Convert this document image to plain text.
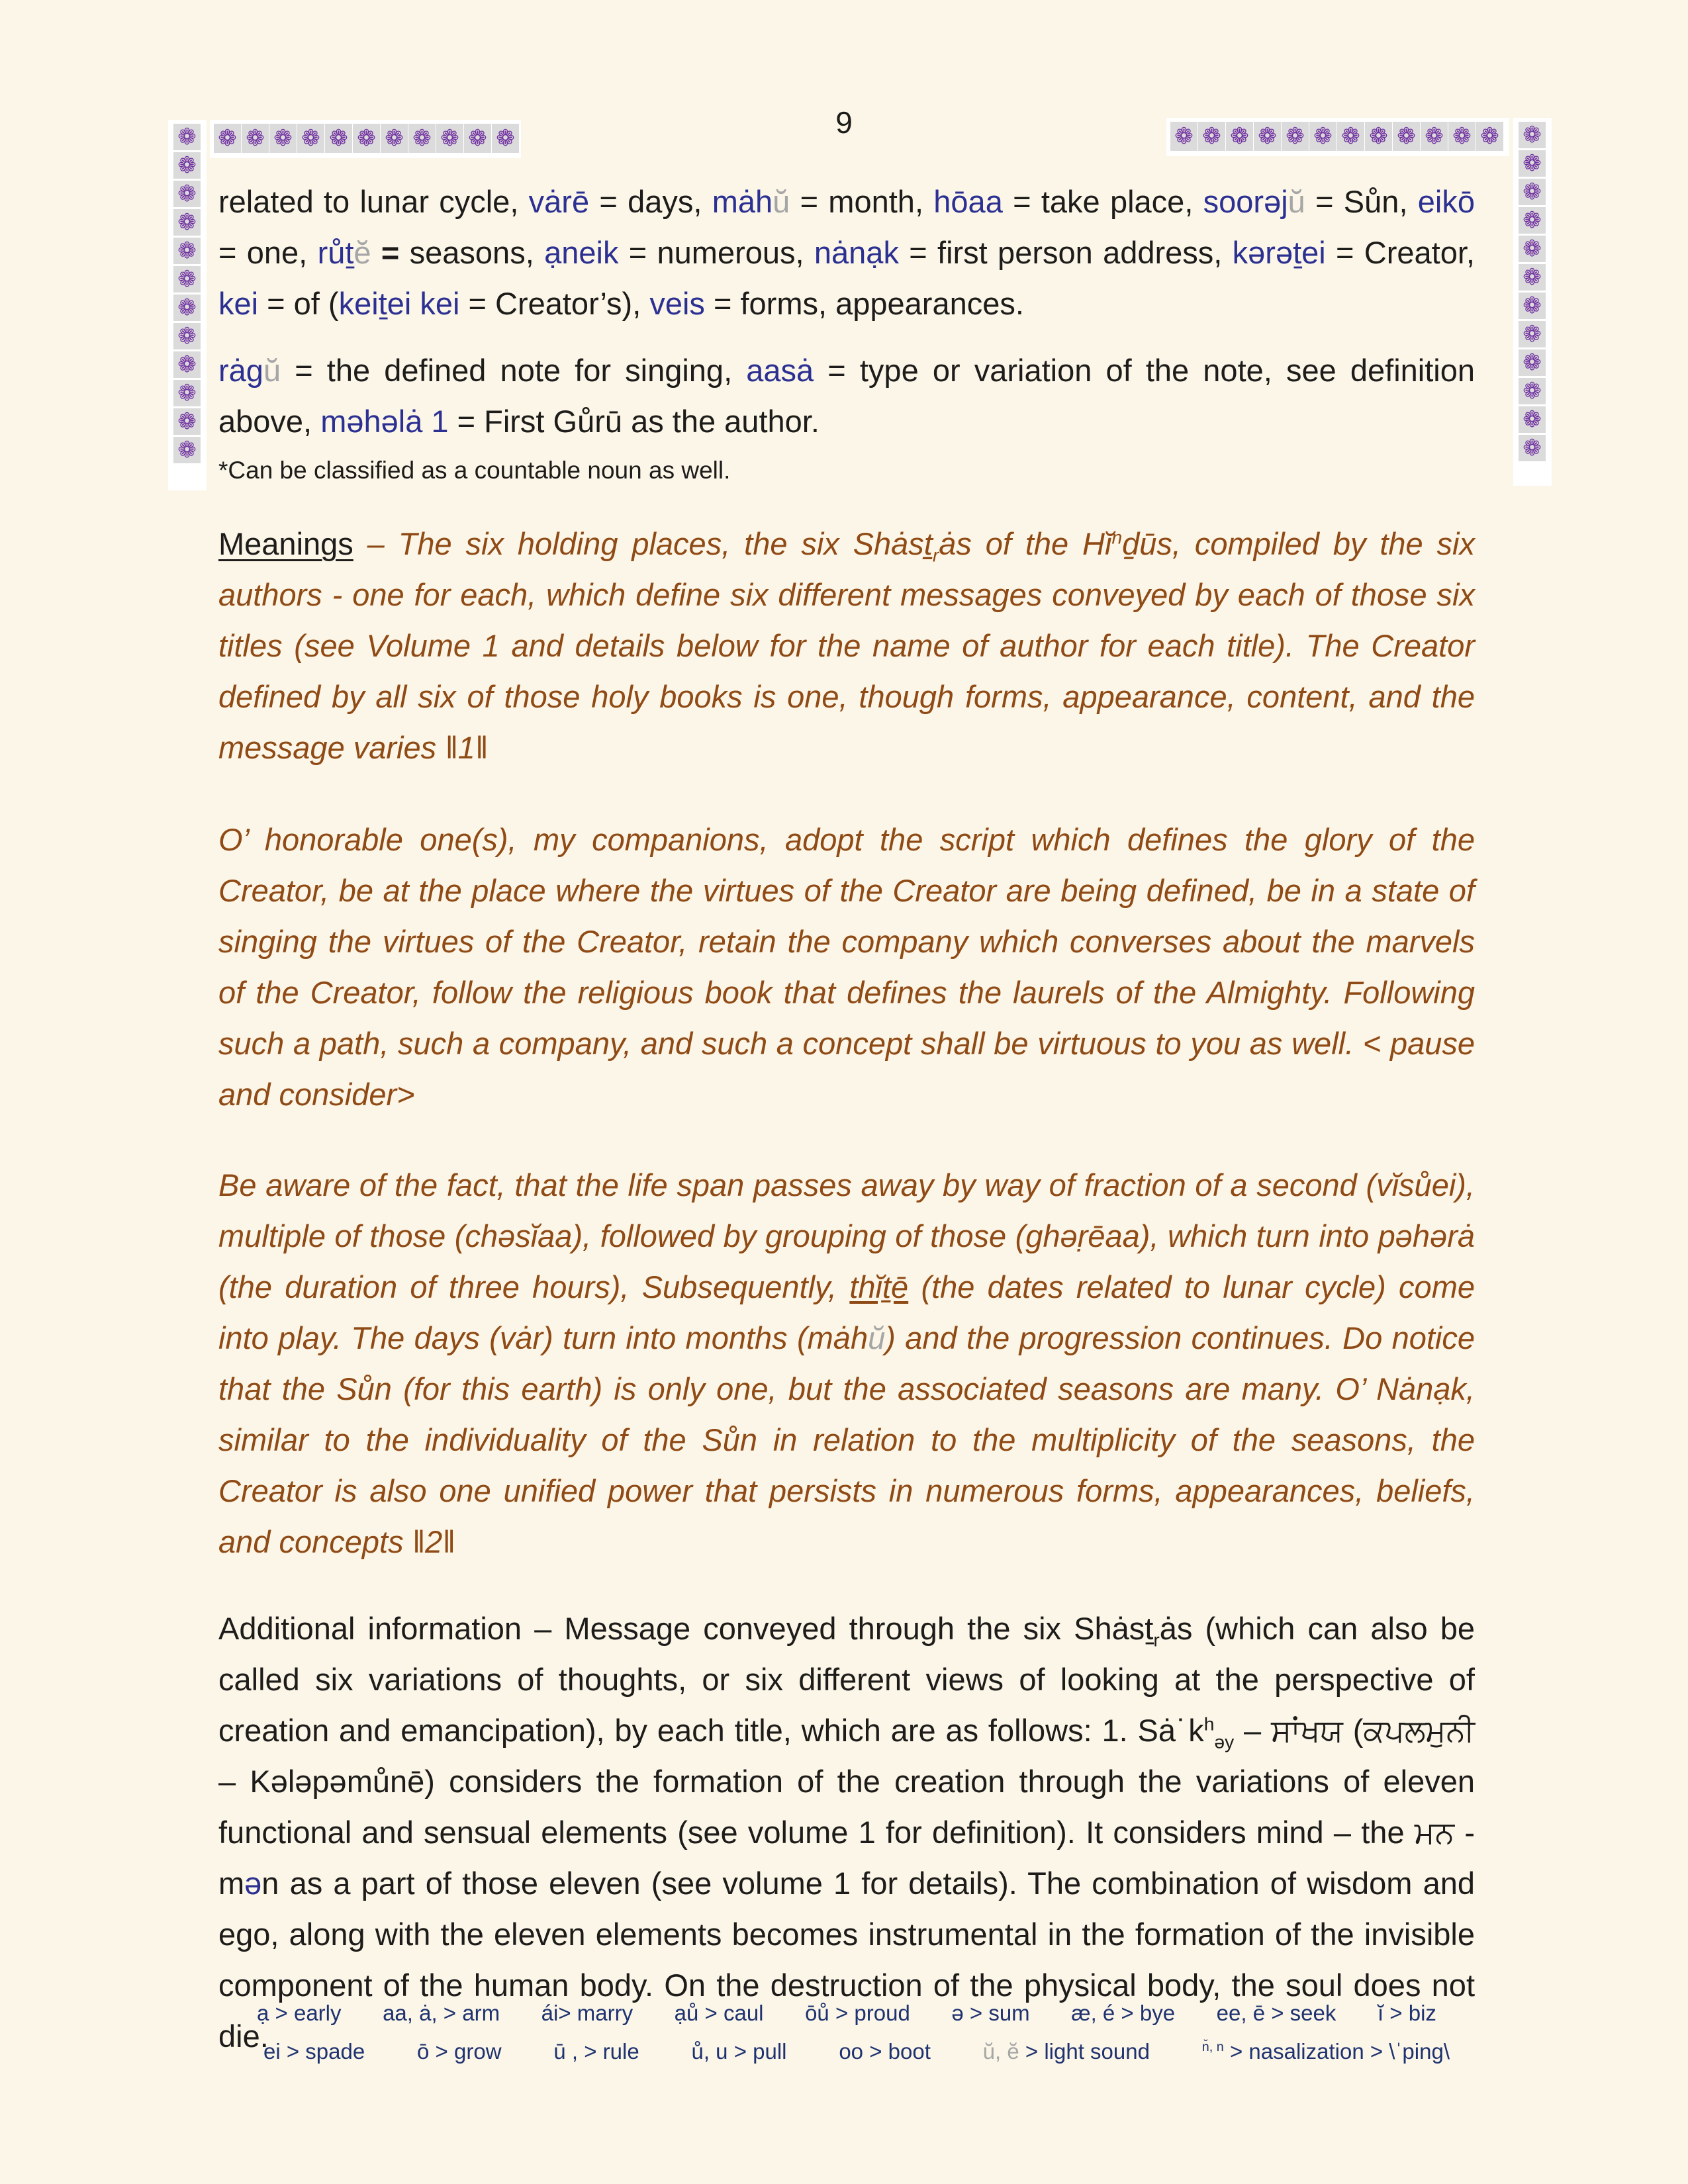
9
❁ ❁ ❁ ❁ ❁ ❁ ❁ ❁ ❁ ❁ ❁
❁
❁
❁
❁
❁
❁
❁
❁
❁
❁
❁
❁
❁ ❁ ❁ ❁ ❁ ❁ ❁ ❁ ❁ ❁ ❁ ❁ ❁
❁
❁
❁
❁
❁
❁
❁
❁
❁
❁
❁

related to lunar cycle, vȧrē = days, mȧhŭ = month, hōaa = take place, soorəjŭ = Sůn, eikō = one, růṯĕ = seasons, ạneik = numerous, nȧnạk = first person address, kərəṯei = Creator, kei = of (keiṯei kei = Creator’s), veis = forms, appearances.

rȧgŭ = the defined note for singing, aasȧ = type or variation of the note, see definition above, məhəlȧ 1 = First Gůrū as the author.

*Can be classified as a countable noun as well.

Meanings – The six holding places, the six Shȧsṯ$_r$ȧs of the $Hĭ^nḏūs$, compiled by the six authors - one for each, which define six different messages conveyed by each of those six titles (see Volume 1 and details below for the name of author for each title). The Creator defined by all six of those holy books is one, though forms, appearance, content, and the message varies ‖1‖

O’ honorable one(s), my companions, adopt the script which defines the glory of the Creator, be at the place where the virtues of the Creator are being defined, be in a state of singing the virtues of the Creator, retain the company which converses about the marvels of the Creator, follow the religious book that defines the laurels of the Almighty. Following such a path, such a company, and such a concept shall be virtuous to you as well. < pause and consider>

Be aware of the fact, that the life span passes away by way of fraction of a second (vĭsůei), multiple of those (chəsĭaa), followed by grouping of those (ghəṛēaa), which turn into pəhərȧ (the duration of three hours), Subsequently, thĭṯē (the dates related to lunar cycle) come into play. The days (vȧr) turn into months (mȧhŭ) and the progression continues. Do notice that the Sůn (for this earth) is only one, but the associated seasons are many. O’ Nȧnạk, similar to the individuality of the Sůn in relation to the multiplicity of the seasons, the Creator is also one unified power that persists in numerous forms, appearances, beliefs, and concepts ‖2‖

Additional information – Message conveyed through the six Shȧsṯ$_r$ȧs (which can also be called six variations of thoughts, or six different views of looking at the perspective of creation and emancipation), by each title, which are as follows: 1. $Sȧ˙k^h_{əy}$ – ਸਾਂਖਯ (ਕਪਲਮੁਨੀ – Kələpəmůnē) considers the formation of the creation through the variations of eleven functional and sensual elements (see volume 1 for definition). It considers mind – the ਮਨ - mən as a part of those eleven (see volume 1 for details). The combination of wisdom and ego, along with the eleven elements becomes instrumental in the formation of the invisible component of the human body. On the destruction of the physical body, the soul does not die.

ạ > early aa, ȧ, > arm ái> marry ạů > caul ōů > proud ə > sum æ, é > bye ee, ē > seek ĭ > biz
ei > spade ō > grow ū , > rule ů, u > pull oo > boot ŭ, ĕ > light sound	$^{n̆, n}$ > nasalization > \ˈping\
